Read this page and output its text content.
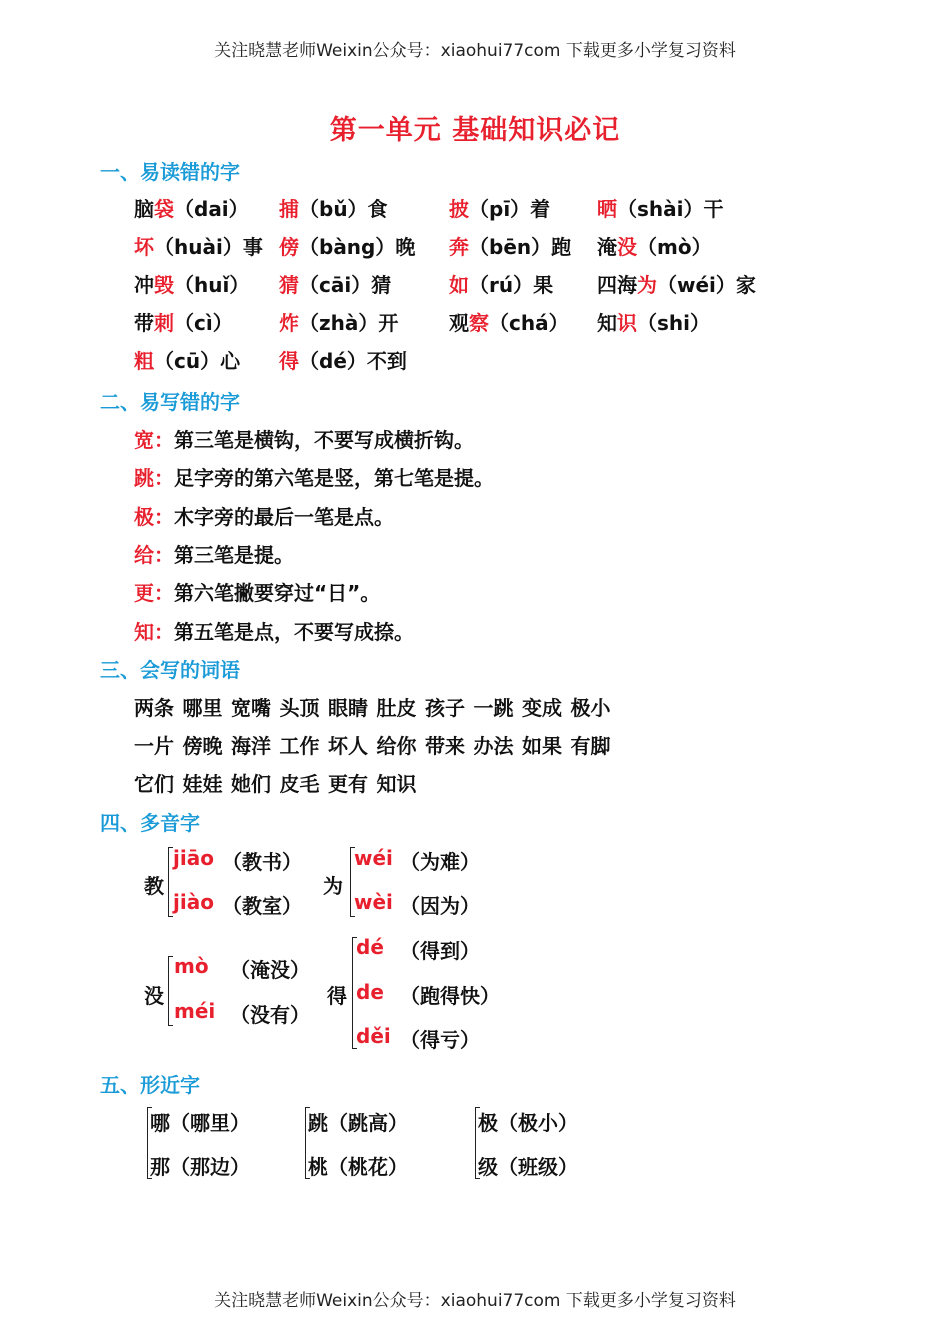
关注晓慧老师Weixin公众号：xiaohui77com 下载更多小学复习资料
第一单元 基础知识必记
一、易读错的字
脑袋（dai） 捕（bǔ）食	披（pī）着 晒（shài）干
坏（huài）事 傍（bàng）晚 奔（bēn）跑 淹没（mò）
冲毁（huǐ） 猜（cāi）猜	如（rú）果 四海为（wéi）家
带刺（cì） 炸（zhà）开	观察（chá） 知识（shi）
粗（cū）心 得（dé）不到
二、易写错的字
宽：第三笔是横钩，不要写成横折钩。
跳：足字旁的第六笔是竖，第七笔是提。
极：木字旁的最后一笔是点。
给：第三笔是提。
更：第六笔撇要穿过“日”。
知：第五笔是点，不要写成捺。
三、会写的词语
两条 哪里 宽嘴 头顶 眼睛 肚皮 孩子 一跳 变成 极小
一片 傍晚 海洋 工作 坏人 给你 带来 办法 如果 有脚
它们 娃娃 她们 皮毛 更有 知识
四、多音字
教
jiāo （教书）
jiào （教室）
为
wéi （为难）
wèi （因为）
没
mò （淹没）
méi （没有）
得
dé （得到）
de （跑得快）
děi （得亏）
五、形近字
哪（哪里）
那（那边）
跳（跳高）
桃（桃花）
极（极小）
级（班级）
关注晓慧老师Weixin公众号：xiaohui77com 下载更多小学复习资料
